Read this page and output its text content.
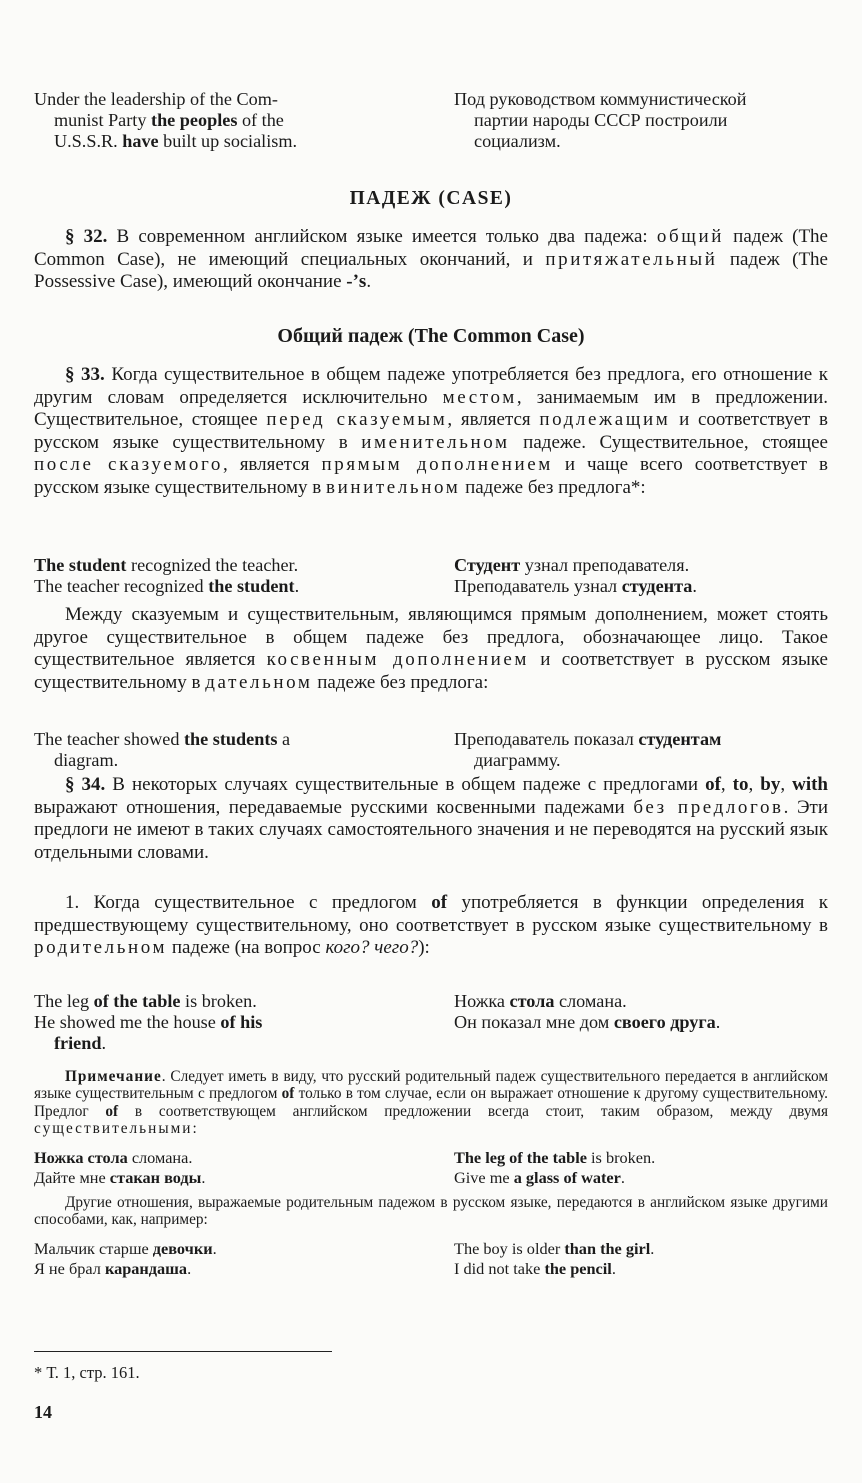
Under the leadership of the Com-
munist Party the peoples of the
U.S.S.R. have built up socialism.
Под руководством коммунистической
партии народы СССР построили
социализм.
ПАДЕЖ (CASE)
§ 32. В современном английском языке имеется только два падежа: общий падеж (The Common Case), не имеющий специальных окончаний, и притяжательный падеж (The Possessive Case), имеющий окончание -’s.
Общий падеж (The Common Case)
§ 33. Когда существительное в общем падеже употребляется без предлога, его отношение к другим словам определяется исключительно местом, занимаемым им в предложении. Существительное, стоящее перед сказуемым, является подлежащим и соответствует в русском языке существительному в именительном падеже. Существительное, стоящее после сказуемого, является прямым дополнением и чаще всего соответствует в русском языке существительному в винительном падеже без предлога*:
The student recognized the teacher.
The teacher recognized the student.
Студент узнал преподавателя.
Преподаватель узнал студента.
Между сказуемым и существительным, являющимся прямым дополнением, может стоять другое существительное в общем падеже без предлога, обозначающее лицо. Такое существительное является косвенным дополнением и соответствует в русском языке существительному в дательном падеже без предлога:
The teacher showed the students a
diagram.
Преподаватель показал студентам
диаграмму.
§ 34. В некоторых случаях существительные в общем падеже с предлогами of, to, by, with выражают отношения, передаваемые русскими косвенными падежами без предлогов. Эти предлоги не имеют в таких случаях самостоятельного значения и не переводятся на русский язык отдельными словами.
1. Когда существительное с предлогом of употребляется в функции определения к предшествующему существительному, оно соответствует в русском языке существительному в родительном падеже (на вопрос кого? чего?):
The leg of the table is broken.
He showed me the house of his
friend.
Ножка стола сломана.
Он показал мне дом своего друга.
Примечание. Следует иметь в виду, что русский родительный падеж существительного передается в английском языке существительным с предлогом of только в том случае, если он выражает отношение к другому существительному. Предлог of в соответствующем английском предложении всегда стоит, таким образом, между двумя существительными:
Ножка стола сломана.
Дайте мне стакан воды.
The leg of the table is broken.
Give me a glass of water.
Другие отношения, выражаемые родительным падежом в русском языке, передаются в английском языке другими способами, как, например:
Мальчик старше девочки.
Я не брал карандаша.
The boy is older than the girl.
I did not take the pencil.
* Т. 1, стр. 161.
14
